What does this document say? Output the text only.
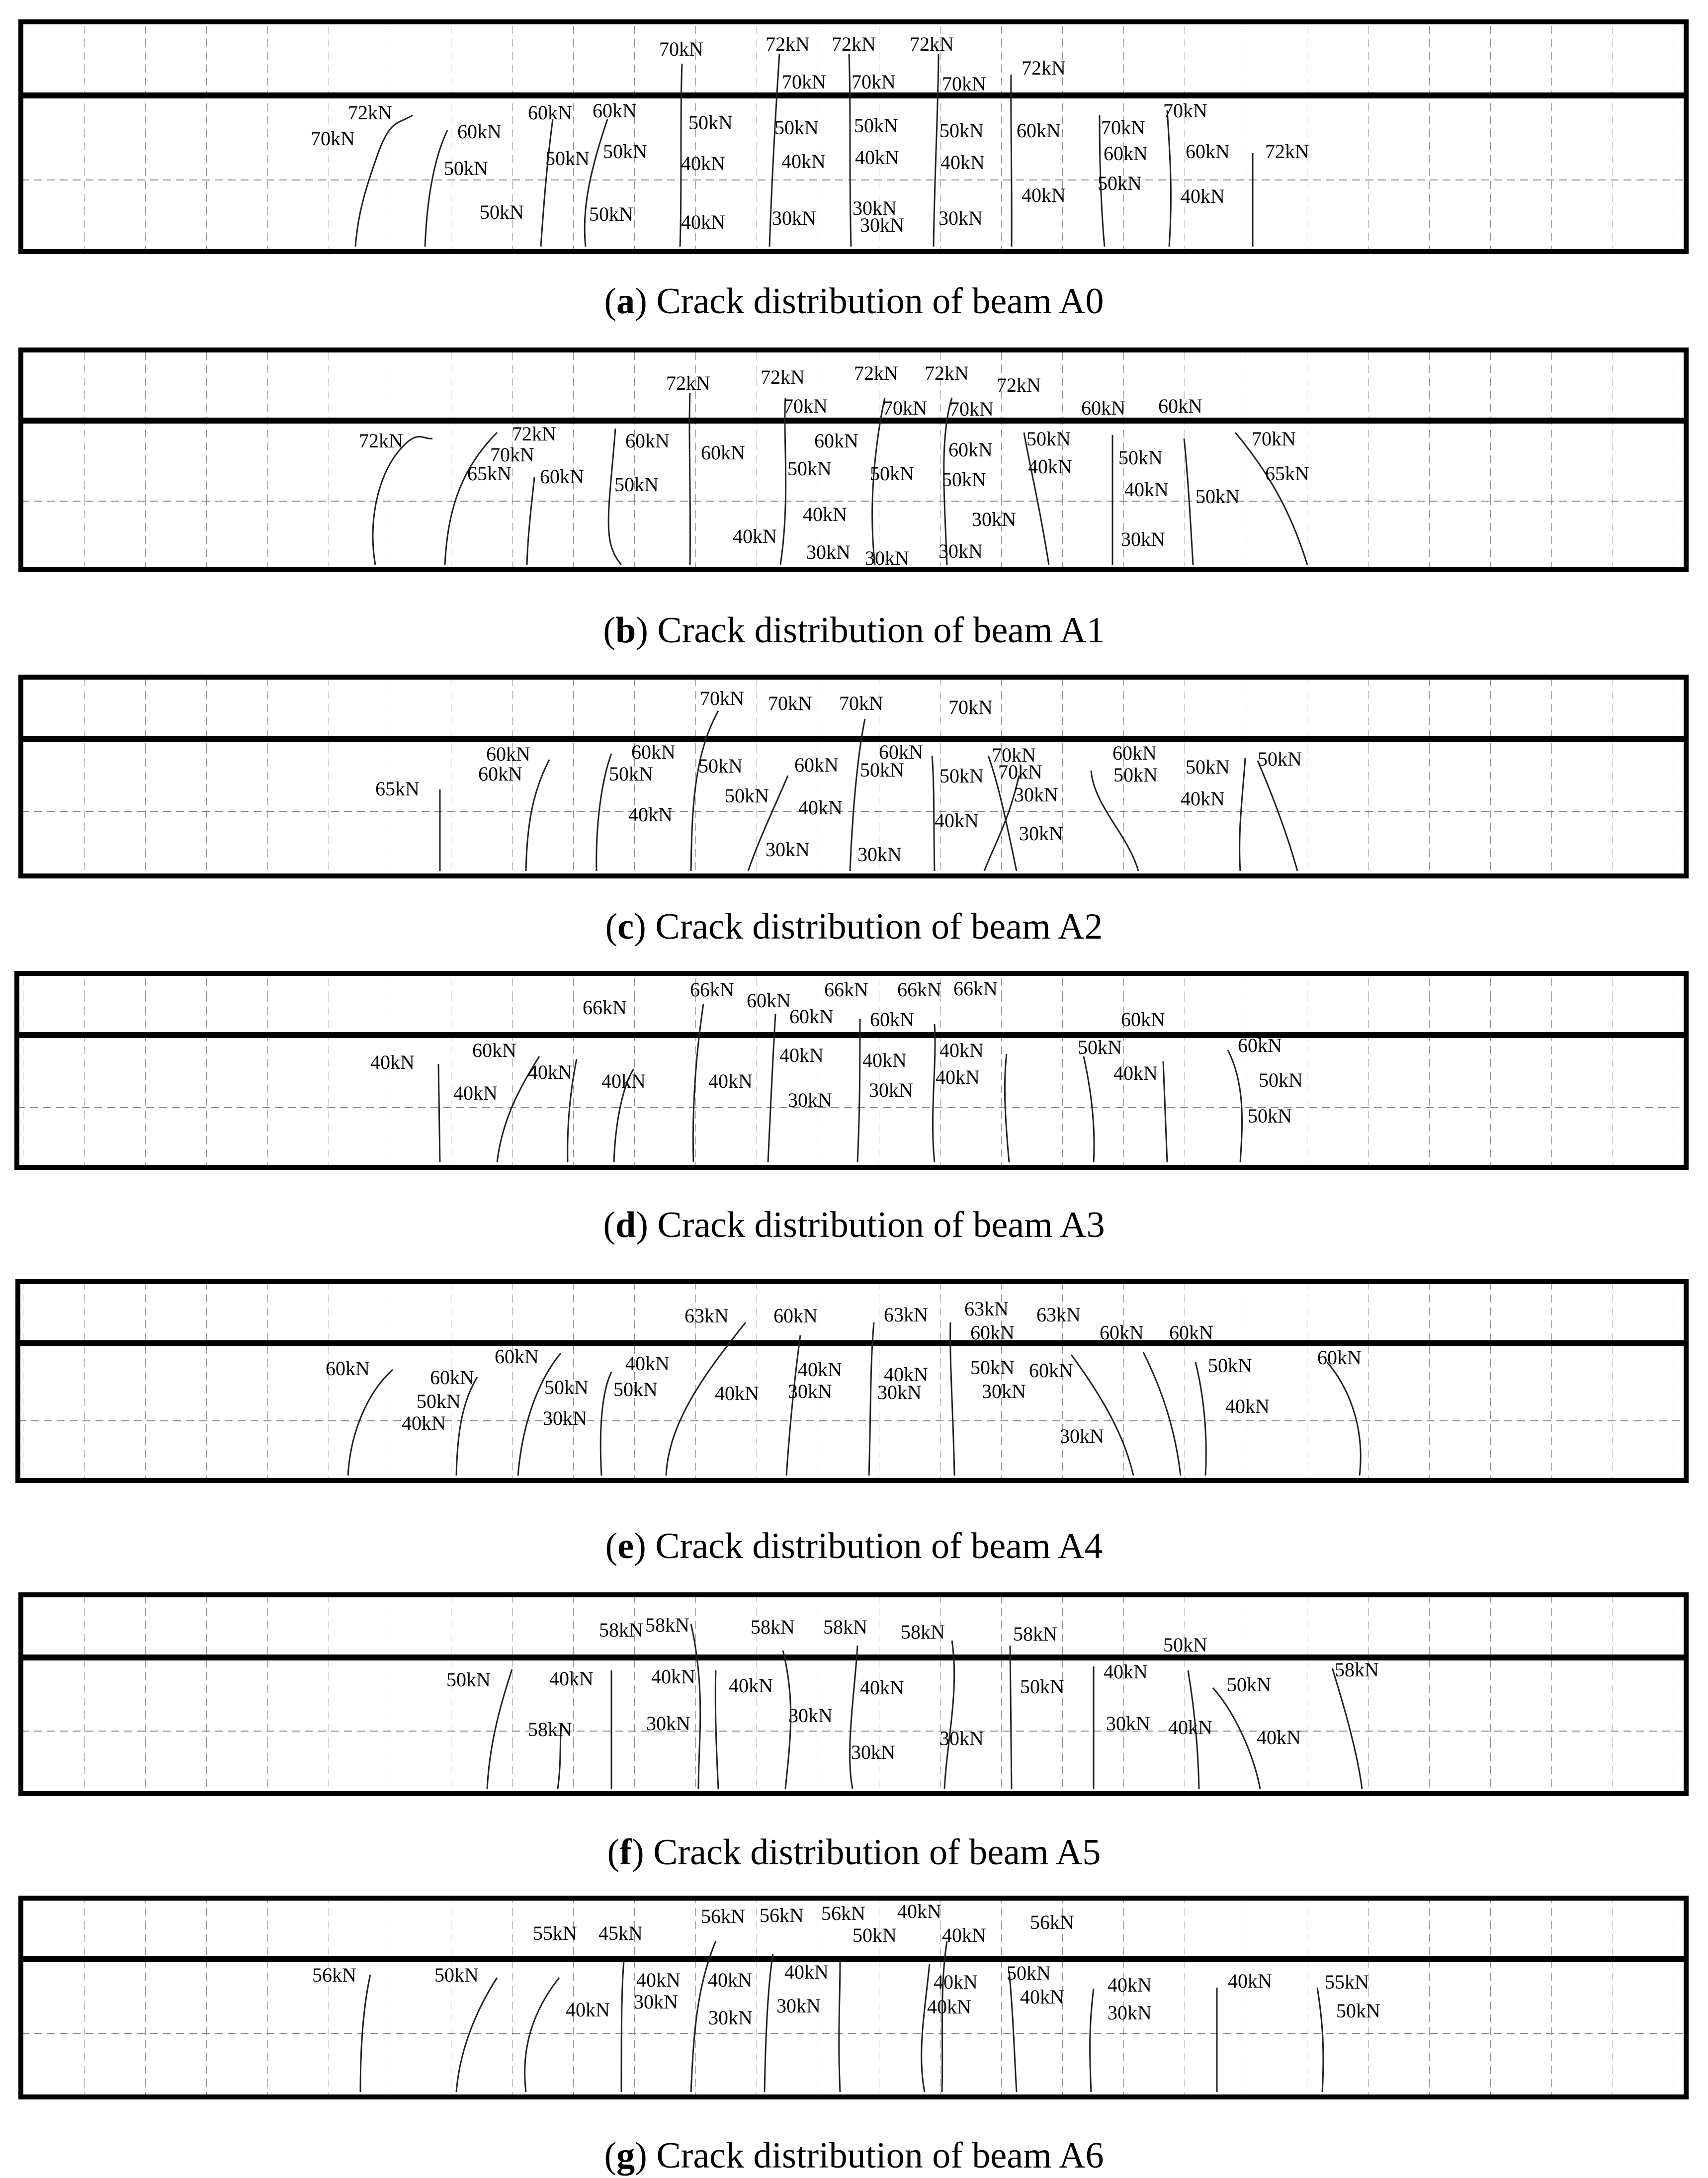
70kN	72kN 72kN 72kN
72kN
70kN 70kN 70kN
72kN
70kN	60kN
60kN 60kN	70kN
70kN
60kN
50kN	50kN 50kN
50kN 50kN 50kN 50kN 60kN
60kN 72kN
50kN
40kN
40kN	40kN 40kN 40kN
40kN
50kN	50kN 40kN 30kN 30kN 30kN
30kN
(a) Crack distribution of beam A0
72kN	72kN 72kN 72kN
72kN
70kN	70kN 70kN	60kN 60kN
72kN	72kN
70kN
65kN 60kN
60kN
60kN
50kN
60kN	60kN
50kN 50kN 50kN
50kN	70kN
40kN 50kN
50kN
65kN
40kN
40kN	30kN
40kN	30kN
30kN	30kN
30kN
(b) Crack distribution of beam A1
70kN 70kN 70kN	70kN
70kN
60kN
60kN
65kN
50kN 50kN
60kN
60kN
50kN
50kN 50kN
70kN
60kN	60kN
50kN 50kN 50kN
40kN
40kN	40kN
40kN
30kN
30kN 30kN
30kN
(c) Crack distribution of beam A2
66kN
66kN 60kN 66kN 66kN 66kN
60kN 60kN	60kN
40kN
60kN
40kN
40kN 40kN	40kN
40kN 40kN 40kN	50kN	60kN
40kN	50kN
30kN 30kN
40kN
50kN
(d) Crack distribution of beam A3
63kN 60kN	63kN 63kN 63kN
60kN	60kN 60kN
60kN	40kN
60kN
50kN
40kN 40kN 50kN
50kN
60kN
50kN
60kN	50kN	60kN
30kN 30kN
40kN	30kN
30kN
40kN
30kN
40kN
(e) Crack distribution of beam A4
58kN 58kN	58kN 58kN 58kN	58kN	50kN
50kN	40kN	40kN 40kN	40kN	50kN
40kN
50kN
58kN
58kN	30kN	30kN	30kN 40kN 40kN
30kN
30kN
(f) Crack distribution of beam A5
56kN 56kN 56kN 40kN	56kN
55kN 45kN	50kN 40kN
56kN	50kN	40kN
40kN
40kN 40kN	50kN
40kN	40kN	55kN
40kN
30kN	30kN
30kN	40kN 40kN
30kN	50kN
(g) Crack distribution of beam A6
